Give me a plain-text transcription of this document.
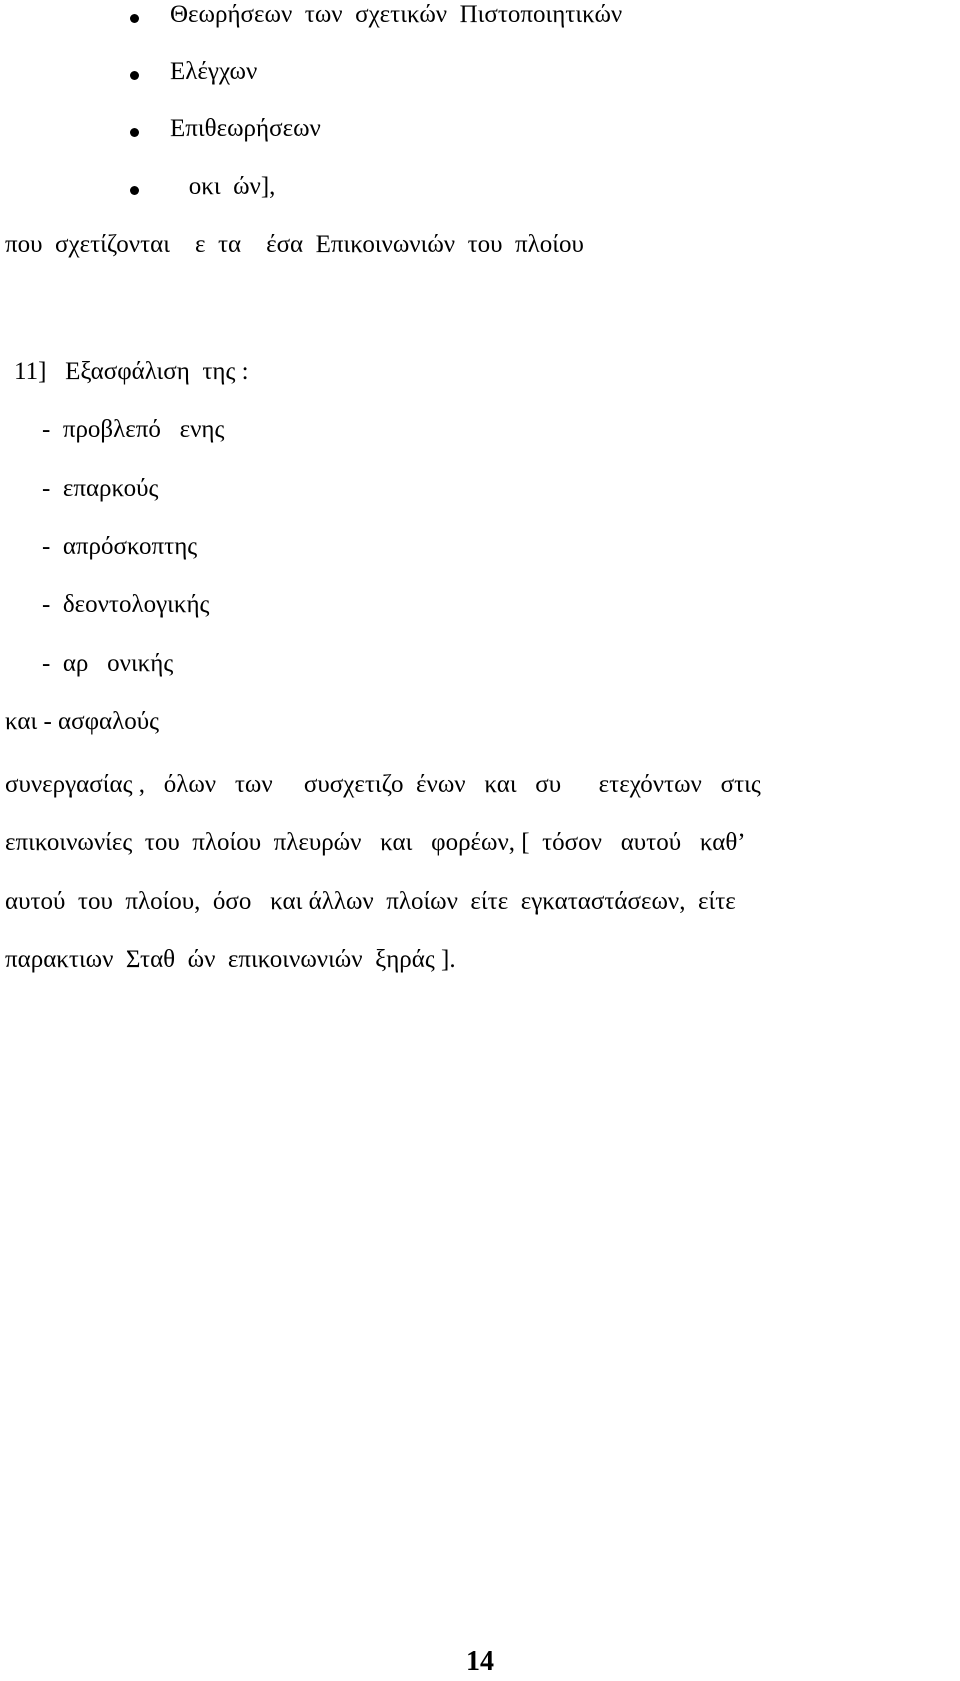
Θεωρήσεων  των  σχετικών  Πιστοποιητικών
Ελέγχων
Επιθεωρήσεων
οκι  ών],
που  σχετίζονται    ε  τα    έσα  Επικοινωνιών  του  πλοίου
11]   Εξασφάλιση  της :
-  προβλεπό   ενης
-  επαρκούς
-  απρόσκοπτης
-  δεοντολογικής
-  αρ   ονικής
και - ασφαλούς
συνεργασίας ,   όλων   των     συσχετιζο  ένων   και   συ      ετεχόντων   στις
επικοινωνίες  του  πλοίου  πλευρών   και   φορέων, [  τόσον   αυτού   καθ’
αυτού  του  πλοίου,  όσο   και άλλων  πλοίων  είτε  εγκαταστάσεων,  είτε
παρακτιων  Σταθ  ών  επικοινωνιών  ξηράς ].
14
